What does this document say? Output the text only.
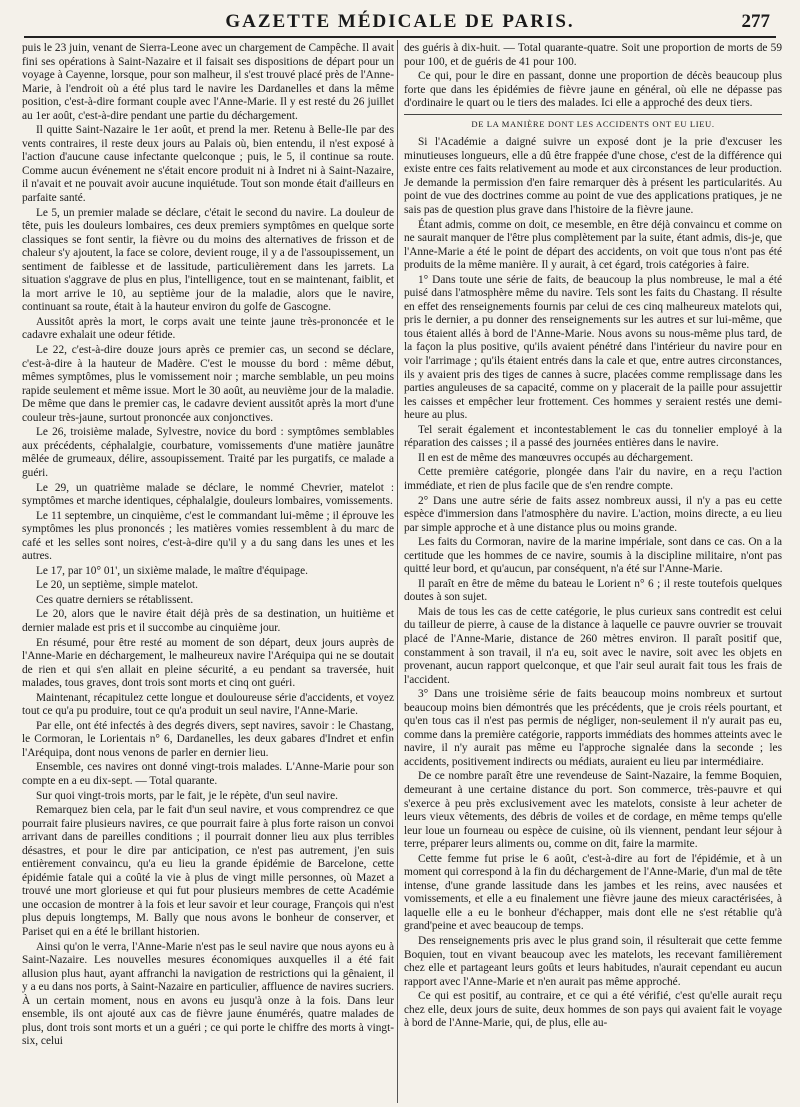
GAZETTE MÉDICALE DE PARIS.	277

puis le 23 juin, venant de Sierra-Leone avec un chargement de Campêche. Il avait fini ses opérations à Saint-Nazaire et il faisait ses dispositions de départ pour un voyage à Cayenne, lorsque, pour son malheur, il s'est trouvé placé près de l'Anne-Marie, à l'endroit où a été plus tard le navire les Dardanelles et dans la même position, c'est-à-dire formant couple avec l'Anne-Marie. Il y est resté du 26 juillet au 1er août, c'est-à-dire pendant une partie du déchargement.

Il quitte Saint-Nazaire le 1er août, et prend la mer. Retenu à Belle-Ile par des vents contraires, il reste deux jours au Palais où, bien entendu, il n'est exposé à l'action d'aucune cause infectante quelconque ; puis, le 5, il continue sa route. Comme aucun événement ne s'était encore produit ni à Indret ni à Saint-Nazaire, il n'avait et ne pouvait avoir aucune inquiétude. Tout son monde était d'ailleurs en parfaite santé.

Le 5, un premier malade se déclare, c'était le second du navire. La douleur de tête, puis les douleurs lombaires, ces deux premiers symptômes en quelque sorte classiques se font sentir, la fièvre ou du moins des alternatives de frisson et de chaleur s'y ajoutent, la face se colore, devient rouge, il y a de l'assoupissement, un sentiment de faiblesse et de lassitude, particulièrement dans les jarrets. La situation s'aggrave de plus en plus, l'intelligence, tout en se maintenant, faiblit, et la mort arrive le 10, au septième jour de la maladie, alors que le navire, continuant sa route, était à la hauteur environ du golfe de Gascogne.

Aussitôt après la mort, le corps avait une teinte jaune très-prononcée et le cadavre exhalait une odeur fétide.

Le 22, c'est-à-dire douze jours après ce premier cas, un second se déclare, c'est-à-dire à la hauteur de Madère. C'est le mousse du bord : même début, mêmes symptômes, plus le vomissement noir ; marche semblable, un peu moins rapide seulement et même issue. Mort le 30 août, au neuvième jour de la maladie. De même que dans le premier cas, le cadavre devient aussitôt après la mort d'une couleur très-jaune, surtout prononcée aux conjonctives.

Le 26, troisième malade, Sylvestre, novice du bord : symptômes semblables aux précédents, céphalalgie, courbature, vomissements d'une matière jaunâtre mêlée de grumeaux, délire, assoupissement. Traité par les purgatifs, ce malade a guéri.

Le 29, un quatrième malade se déclare, le nommé Chevrier, matelot : symptômes et marche identiques, céphalalgie, douleurs lombaires, vomissements.

Le 11 septembre, un cinquième, c'est le commandant lui-même ; il éprouve les symptômes les plus prononcés ; les matières vomies ressemblent à du marc de café et les selles sont noires, c'est-à-dire qu'il y a du sang dans les unes et les autres.

Le 17, par 10° 01', un sixième malade, le maître d'équipage.

Le 20, un septième, simple matelot.

Ces quatre derniers se rétablissent.

Le 20, alors que le navire était déjà près de sa destination, un huitième et dernier malade est pris et il succombe au cinquième jour.

En résumé, pour être resté au moment de son départ, deux jours auprès de l'Anne-Marie en déchargement, le malheureux navire l'Aréquipa qui ne se doutait de rien et qui s'en allait en pleine sécurité, a eu pendant sa traversée, huit malades, tous graves, dont trois sont morts et cinq ont guéri.

Maintenant, récapitulez cette longue et douloureuse série d'accidents, et voyez tout ce qu'a pu produire, tout ce qu'a produit un seul navire, l'Anne-Marie.

Par elle, ont été infectés à des degrés divers, sept navires, savoir : le Chastang, le Cormoran, le Lorientais n° 6, Dardanelles, les deux gabares d'Indret et enfin l'Aréquipa, dont nous venons de parler en dernier lieu.

Ensemble, ces navires ont donné vingt-trois malades. L'Anne-Marie pour son compte en a eu dix-sept. — Total quarante.

Sur quoi vingt-trois morts, par le fait, je le répète, d'un seul navire.

Remarquez bien cela, par le fait d'un seul navire, et vous comprendrez ce que pourrait faire plusieurs navires, ce que pourrait faire à plus forte raison un convoi arrivant dans de pareilles conditions ; il pourrait donner lieu aux plus terribles désastres, et pour le dire par anticipation, ce n'est pas autrement, j'en suis entièrement convaincu, qu'a eu lieu la grande épidémie de Barcelone, cette épidémie fatale qui a coûté la vie à plus de vingt mille personnes, où Mazet a trouvé une mort glorieuse et qui fut pour plusieurs membres de cette Académie une occasion de montrer à la fois et leur savoir et leur courage, François qui n'est plus depuis longtemps, M. Bally que nous avons le bonheur de conserver, et Pariset qui en a été le brillant historien.

Ainsi qu'on le verra, l'Anne-Marie n'est pas le seul navire que nous ayons eu à Saint-Nazaire. Les nouvelles mesures économiques auxquelles il a été fait allusion plus haut, ayant affranchi la navigation de restrictions qui la gênaient, il y a eu dans nos ports, à Saint-Nazaire en particulier, affluence de navires sucriers. À un certain moment, nous en avons eu jusqu'à onze à la fois. Dans leur ensemble, ils ont ajouté aux cas de fièvre jaune énumérés, quatre malades de plus, dont trois sont morts et un a guéri ; ce qui porte le chiffre des morts à vingt-six, celui

des guéris à dix-huit. — Total quarante-quatre. Soit une proportion de morts de 59 pour 100, et de guéris de 41 pour 100.

Ce qui, pour le dire en passant, donne une proportion de décès beaucoup plus forte que dans les épidémies de fièvre jaune en général, où elle ne dépasse pas d'ordinaire le quart ou le tiers des malades. Ici elle a approché des deux tiers.

DE LA MANIÈRE DONT LES ACCIDENTS ONT EU LIEU.

Si l'Académie a daigné suivre un exposé dont je la prie d'excuser les minutieuses longueurs, elle a dû être frappée d'une chose, c'est de la différence qui existe entre ces faits relativement au mode et aux circonstances de leur production. Je demande la permission d'en faire remarquer dès à présent les particularités. Au point de vue des doctrines comme au point de vue des applications pratiques, je ne sais pas de question plus grave dans l'histoire de la fièvre jaune.

Étant admis, comme on doit, ce mesemble, en être déjà convaincu et comme on ne saurait manquer de l'être plus complètement par la suite, étant admis, dis-je, que l'Anne-Marie a été le point de départ des accidents, on voit que tous n'ont pas été produits de la même manière. Il y aurait, à cet égard, trois catégories à faire.

1° Dans toute une série de faits, de beaucoup la plus nombreuse, le mal a été puisé dans l'atmosphère même du navire. Tels sont les faits du Chastang. Il résulte en effet des renseignements fournis par celui de ces cinq malheureux matelots qui, pris le dernier, a pu donner des renseignements sur les autres et sur lui-même, que tous étaient allés à bord de l'Anne-Marie. Nous avons su nous-même plus tard, de la façon la plus positive, qu'ils avaient pénétré dans l'intérieur du navire pour en voir l'arrimage ; qu'ils étaient entrés dans la cale et que, entre autres circonstances, ils y avaient pris des tiges de cannes à sucre, placées comme remplissage dans les parties anguleuses de sa capacité, comme on y placerait de la paille pour assujettir les caisses et empêcher leur frottement. Ces hommes y seraient restés une demi-heure au plus.

Tel serait également et incontestablement le cas du tonnelier employé à la réparation des caisses ; il a passé des journées entières dans le navire.

Il en est de même des manœuvres occupés au déchargement.

Cette première catégorie, plongée dans l'air du navire, en a reçu l'action immédiate, et rien de plus facile que de s'en rendre compte.

2° Dans une autre série de faits assez nombreux aussi, il n'y a pas eu cette espèce d'immersion dans l'atmosphère du navire. L'action, moins directe, a eu lieu par simple approche et à une distance plus ou moins grande.

Les faits du Cormoran, navire de la marine impériale, sont dans ce cas. On a la certitude que les hommes de ce navire, soumis à la discipline militaire, n'ont pas quitté leur bord, et qu'aucun, par conséquent, n'a été sur l'Anne-Marie.

Il paraît en être de même du bateau le Lorient n° 6 ; il reste toutefois quelques doutes à son sujet.

Mais de tous les cas de cette catégorie, le plus curieux sans contredit est celui du tailleur de pierre, à cause de la distance à laquelle ce pauvre ouvrier se trouvait placé de l'Anne-Marie, distance de 260 mètres environ. Il paraît positif que, constamment à son travail, il n'a eu, soit avec le navire, soit avec les objets en provenant, aucun rapport quelconque, et que l'air seul aurait fait tous les frais de l'accident.

3° Dans une troisième série de faits beaucoup moins nombreux et surtout beaucoup moins bien démontrés que les précédents, que je crois réels pourtant, et qu'en tous cas il n'est pas permis de négliger, non-seulement il n'y aurait pas eu, comme dans la première catégorie, rapports immédiats des hommes atteints avec le navire, il n'y aurait pas même eu l'approche signalée dans la seconde ; les accidents, positivement indirects ou médiats, auraient eu lieu par intermédiaire.

De ce nombre paraît être une revendeuse de Saint-Nazaire, la femme Boquien, demeurant à une certaine distance du port. Son commerce, très-pauvre et qui s'exerce à peu près exclusivement avec les matelots, consiste à leur acheter de leurs vieux vêtements, des débris de voiles et de cordage, en même temps qu'elle leur loue un fourneau ou espèce de cuisine, où ils viennent, pendant leur séjour à terre, préparer leurs aliments ou, comme on dit, faire la marmite.

Cette femme fut prise le 6 août, c'est-à-dire au fort de l'épidémie, et à un moment qui correspond à la fin du déchargement de l'Anne-Marie, d'un mal de tête intense, d'une grande lassitude dans les jambes et les reins, avec nausées et vomissements, et elle a eu finalement une fièvre jaune des mieux caractérisées, à laquelle elle a eu le bonheur d'échapper, mais dont elle ne s'est rétablie qu'à grand'peine et avec beaucoup de temps.

Des renseignements pris avec le plus grand soin, il résulterait que cette femme Boquien, tout en vivant beaucoup avec les matelots, les recevant familièrement chez elle et partageant leurs goûts et leurs habitudes, n'aurait cependant eu aucun rapport avec l'Anne-Marie et n'en aurait pas même approché.

Ce qui est positif, au contraire, et ce qui a été vérifié, c'est qu'elle aurait reçu chez elle, deux jours de suite, deux hommes de son pays qui avaient fait le voyage à bord de l'Anne-Marie, qui, de plus, elle au-
